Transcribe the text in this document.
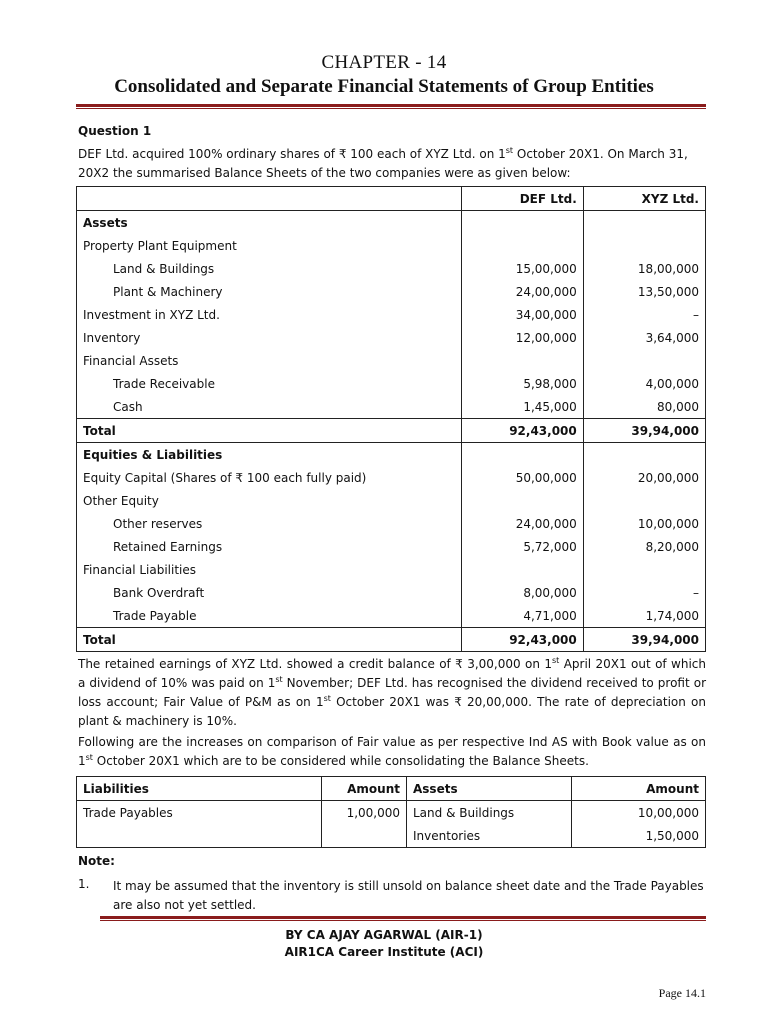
CHAPTER - 14
Consolidated and Separate Financial Statements of Group Entities
Question 1
DEF Ltd. acquired 100% ordinary shares of ₹ 100 each of XYZ Ltd. on 1st October 20X1. On March 31, 20X2 the summarised Balance Sheets of the two companies were as given below:
	DEF Ltd.	XYZ Ltd.
Assets		
Property Plant Equipment		
Land & Buildings	15,00,000	18,00,000
Plant & Machinery	24,00,000	13,50,000
Investment in XYZ Ltd.	34,00,000	–
Inventory	12,00,000	3,64,000
Financial Assets		
Trade Receivable	5,98,000	4,00,000
Cash	1,45,000	80,000
Total	92,43,000	39,94,000
Equities & Liabilities		
Equity Capital (Shares of ₹ 100 each fully paid)	50,00,000	20,00,000
Other Equity		
Other reserves	24,00,000	10,00,000
Retained Earnings	5,72,000	8,20,000
Financial Liabilities		
Bank Overdraft	8,00,000	–
Trade Payable	4,71,000	1,74,000
Total	92,43,000	39,94,000
The retained earnings of XYZ Ltd. showed a credit balance of ₹ 3,00,000 on 1st April 20X1 out of which a dividend of 10% was paid on 1st November; DEF Ltd. has recognised the dividend received to profit or loss account; Fair Value of P&M as on 1st October 20X1 was ₹ 20,00,000. The rate of depreciation on plant & machinery is 10%.
Following are the increases on comparison of Fair value as per respective Ind AS with Book value as on 1st October 20X1 which are to be considered while consolidating the Balance Sheets.
Liabilities	Amount	Assets	Amount
Trade Payables	1,00,000	Land & Buildings	10,00,000
		Inventories	1,50,000
Note:
1. It may be assumed that the inventory is still unsold on balance sheet date and the Trade Payables are also not yet settled.
BY CA AJAY AGARWAL (AIR-1)
AIR1CA Career Institute (ACI)
Page 14.1
